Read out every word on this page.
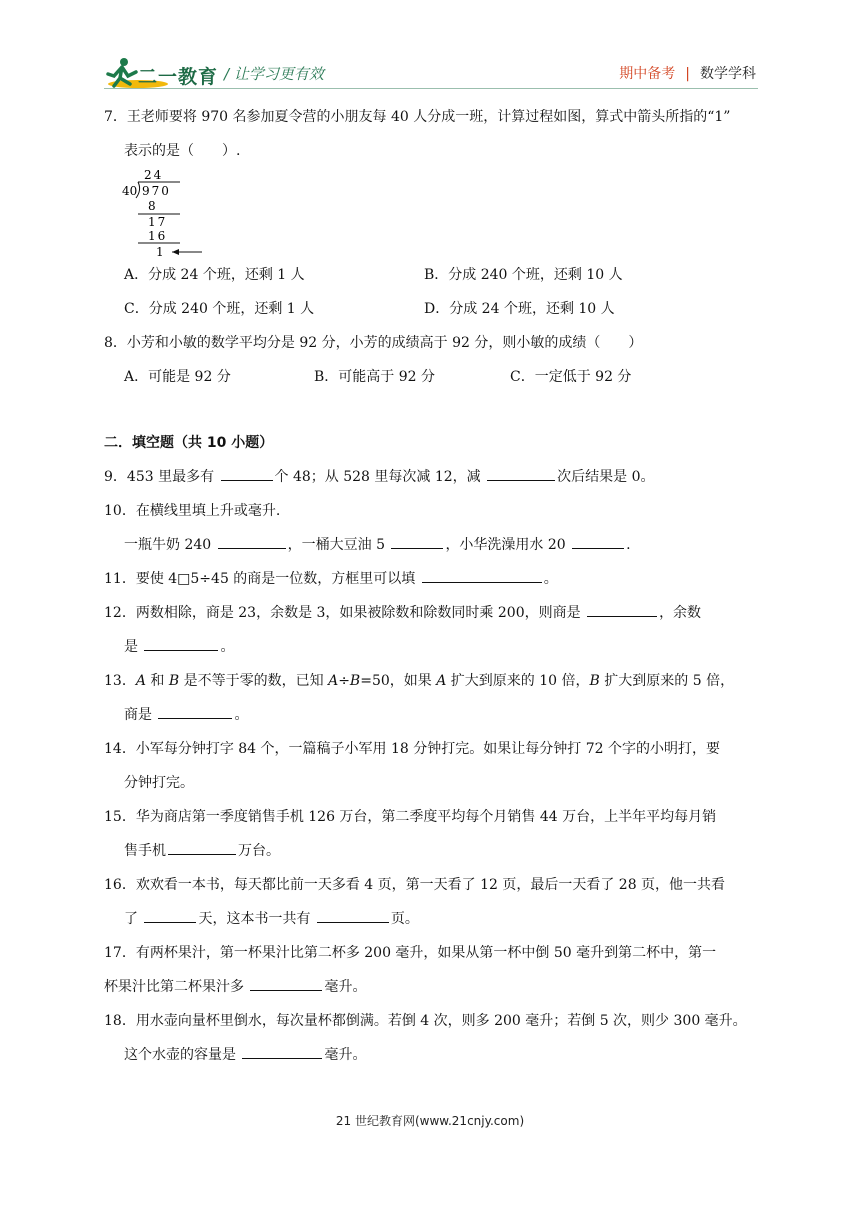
二一教育 / 让学习更有效	期中备考 | 数学学科
7．王老师要将 970 名参加夏令营的小朋友每 40 人分成一班，计算过程如图，算式中箭头所指的“1”
表示的是（　　）.
24
40 970
8
17
16
1
A．分成 24 个班，还剩 1 人	B．分成 240 个班，还剩 10 人
C．分成 240 个班，还剩 1 人	D．分成 24 个班，还剩 10 人
8．小芳和小敏的数学平均分是 92 分，小芳的成绩高于 92 分，则小敏的成绩（　　）
A．可能是 92 分	B．可能高于 92 分	C．一定低于 92 分
二．填空题（共 10 小题）
9．453 里最多有	个 48；从 528 里每次减 12，减	次后结果是 0。
10．在横线里填上升或毫升.
一瓶牛奶 240	，一桶大豆油 5	，小华洗澡用水 20	.
11．要使 4□5÷45 的商是一位数，方框里可以填	。
12．两数相除，商是 23，余数是 3，如果被除数和除数同时乘 200，则商是	，余数
是	。
13．A 和 B 是不等于零的数，已知 A÷B=50，如果 A 扩大到原来的 10 倍，B 扩大到原来的 5 倍，
商是	。
14．小军每分钟打字 84 个，一篇稿子小军用 18 分钟打完。如果让每分钟打 72 个字的小明打，要
分钟打完。
15．华为商店第一季度销售手机 126 万台，第二季度平均每个月销售 44 万台，上半年平均每月销
售手机	万台。
16．欢欢看一本书，每天都比前一天多看 4 页，第一天看了 12 页，最后一天看了 28 页，他一共看
了	天，这本书一共有	页。
17．有两杯果汁，第一杯果汁比第二杯多 200 毫升，如果从第一杯中倒 50 毫升到第二杯中，第一
杯果汁比第二杯果汁多	毫升。
18．用水壶向量杯里倒水，每次量杯都倒满。若倒 4 次，则多 200 毫升；若倒 5 次，则少 300 毫升。
这个水壶的容量是	毫升。
21 世纪教育网(www.21cnjy.com)
